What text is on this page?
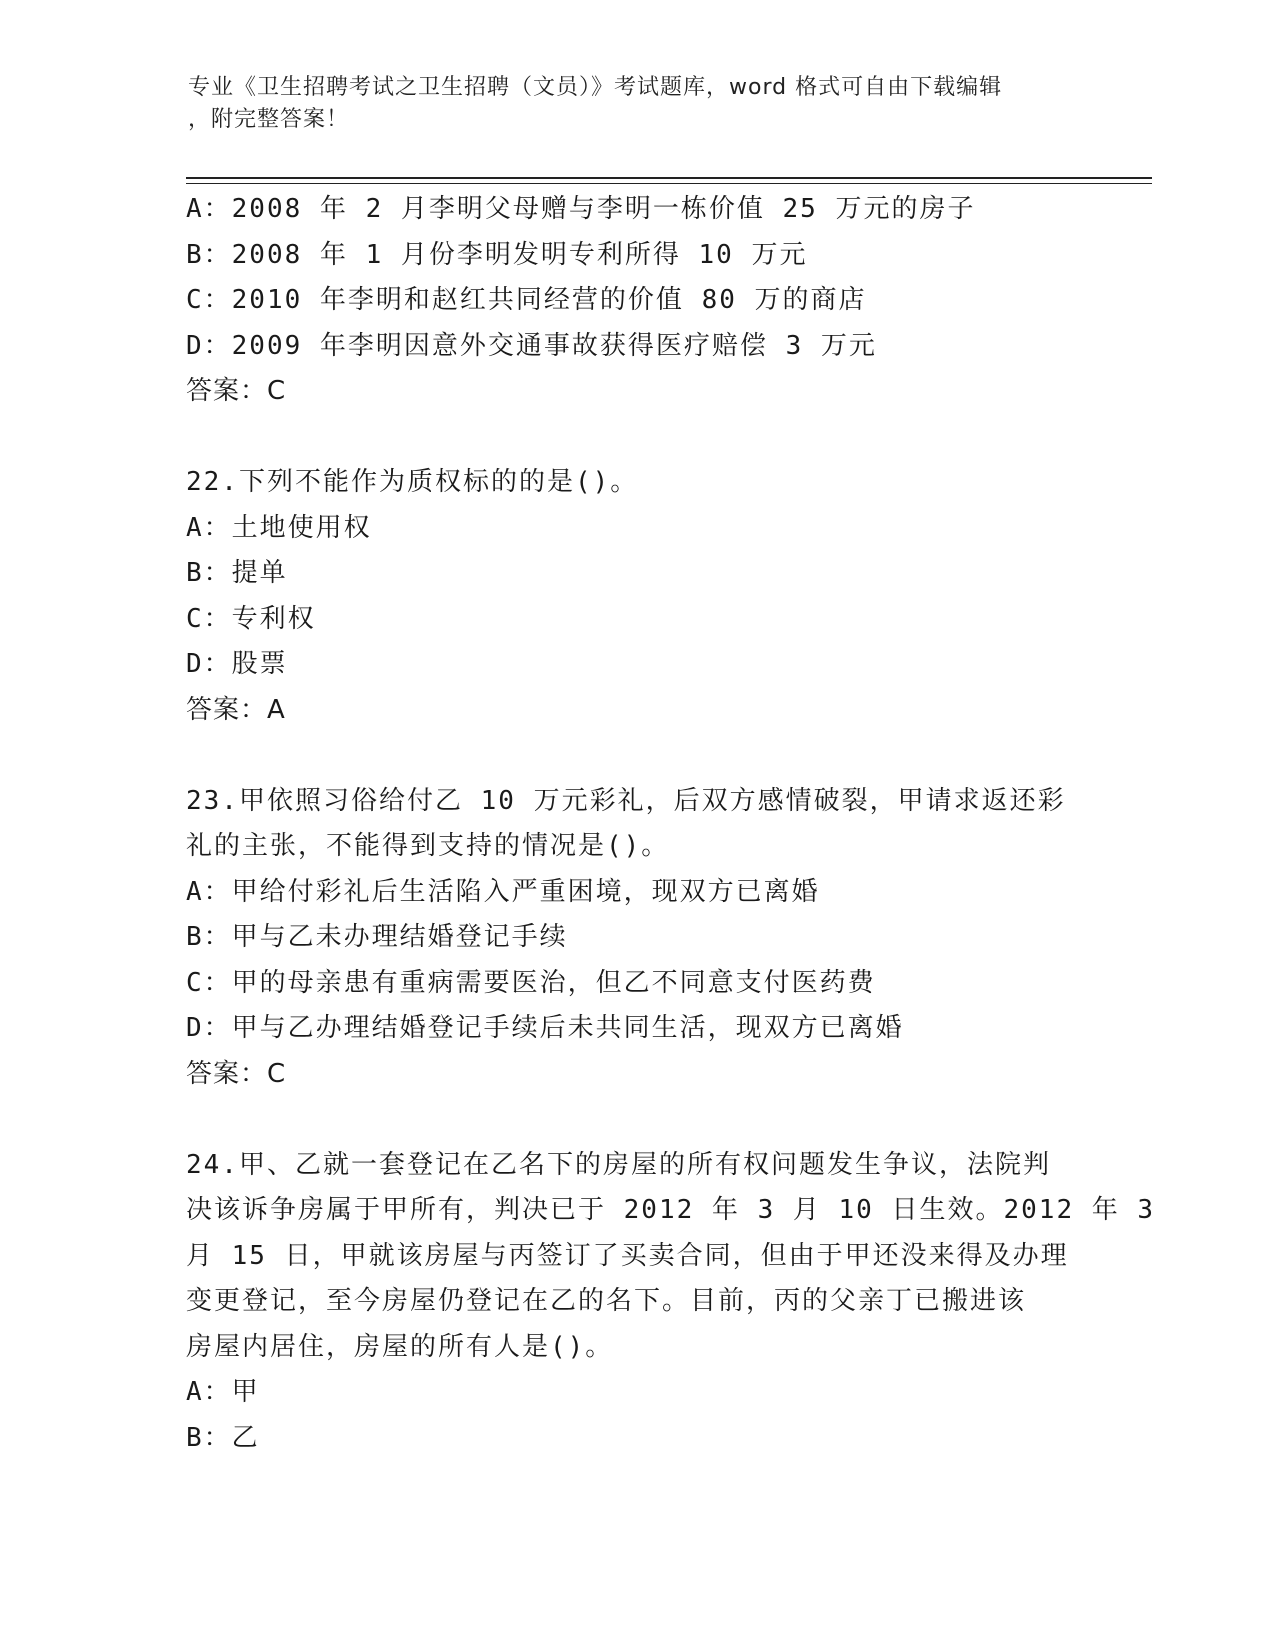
专业《卫生招聘考试之卫生招聘（文员）》考试题库，word 格式可自由下载编辑
，附完整答案！
A：2008 年 2 月李明父母赠与李明一栋价值 25 万元的房子
B：2008 年 1 月份李明发明专利所得 10 万元
C：2010 年李明和赵红共同经营的价值 80 万的商店
D：2009 年李明因意外交通事故获得医疗赔偿 3 万元
答案：C
22.下列不能作为质权标的的是()。
A：土地使用权
B：提单
C：专利权
D：股票
答案：A
23.甲依照习俗给付乙 10 万元彩礼，后双方感情破裂，甲请求返还彩
礼的主张，不能得到支持的情况是()。
A：甲给付彩礼后生活陷入严重困境，现双方已离婚
B：甲与乙未办理结婚登记手续
C：甲的母亲患有重病需要医治，但乙不同意支付医药费
D：甲与乙办理结婚登记手续后未共同生活，现双方已离婚
答案：C
24.甲、乙就一套登记在乙名下的房屋的所有权问题发生争议，法院判
决该诉争房属于甲所有，判决已于 2012 年 3 月 10 日生效。2012 年 3
月 15 日，甲就该房屋与丙签订了买卖合同，但由于甲还没来得及办理
变更登记，至今房屋仍登记在乙的名下。目前，丙的父亲丁已搬进该
房屋内居住，房屋的所有人是()。
A：甲
B：乙
